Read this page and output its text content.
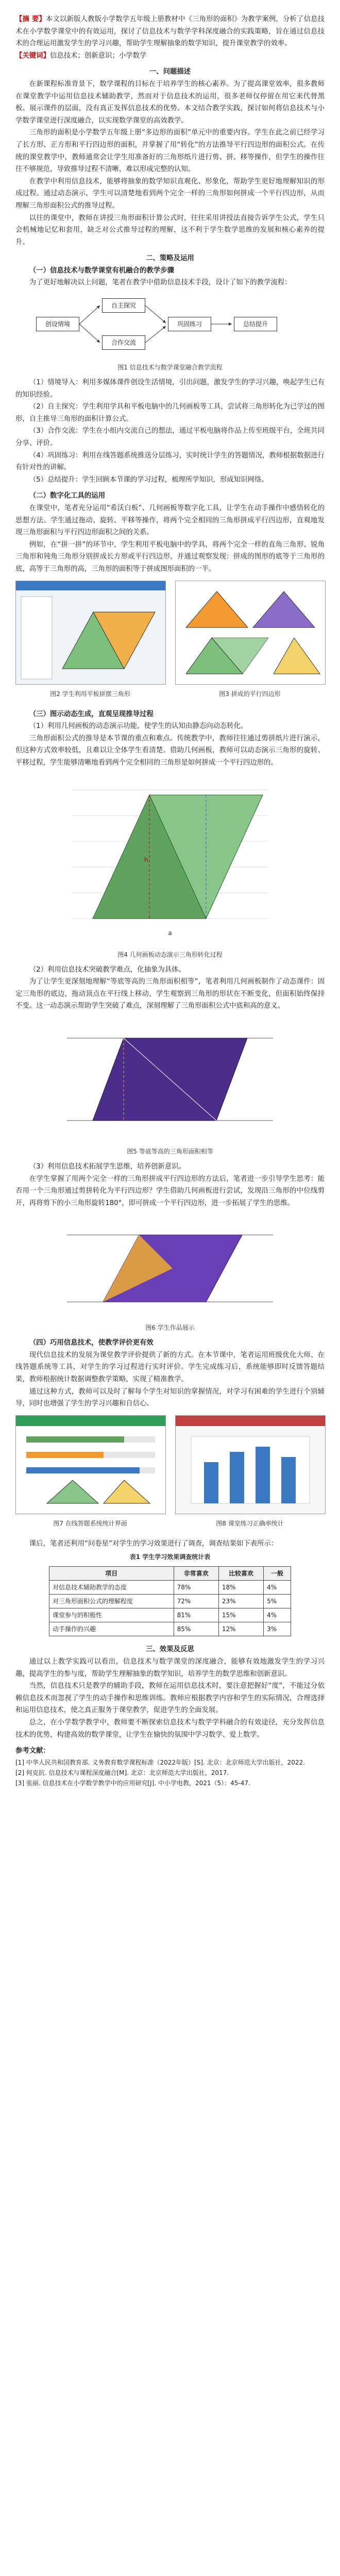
【摘 要】本文以新版人教版小学数学五年级上册教材中《三角形的面积》为教学案例，分析了信息技术在小学数学课堂中的有效运用，探讨了信息技术与数学学科深度融合的实践策略，旨在通过信息技术的合理运用激发学生的学习兴趣，帮助学生理解抽象的数学知识，提升课堂教学的效率。

【关键词】信息技术；创新意识；小学数学

一、问题描述

在新课程标准背景下，数学课程的目标在于培养学生的核心素养。为了提高课堂效率，很多教师在课堂教学中运用信息技术辅助教学，然而对于信息技术的运用，很多老师仅停留在用它来代替黑板、展示课件的层面，没有真正发挥信息技术的优势。本文结合教学实践，探讨如何将信息技术与小学数学课堂进行深度融合，以实现数学课堂的高效教学。

三角形的面积是小学数学五年级上册“多边形的面积”单元中的重要内容。学生在此之前已经学习了长方形、正方形和平行四边形的面积，并掌握了用“转化”的方法推导平行四边形的面积公式。在传统的课堂教学中，教师通常会让学生用准备好的三角形纸片进行剪、拼、移等操作，但学生的操作往往不够规范，导致推导过程不清晰，难以形成完整的认知。

在教学中利用信息技术，能够将抽象的数学知识直观化、形象化，帮助学生更好地理解知识的形成过程。通过动态演示，学生可以清楚地看到两个完全一样的三角形如何拼成一个平行四边形，从而理解三角形面积公式的推导过程。

以往的课堂中，教师在讲授三角形面积计算公式时，往往采用讲授法直接告诉学生公式，学生只会机械地记忆和套用，缺乏对公式推导过程的理解，这不利于学生数学思维的发展和核心素养的提升。

二、策略及运用

（一）信息技术与数学课堂有机融合的教学步骤

为了更好地解决以上问题，笔者在教学中借助信息技术手段，设计了如下的教学流程：

创设情境
自主探究
合作交流
巩固练习	总结提升

图1 信息技术与数学课堂融合教学流程

（1）情境导入：利用多媒体课件创设生活情境，引出问题，激发学生的学习兴趣，唤起学生已有的知识经验。

（2）自主探究：学生利用学具和平板电脑中的几何画板等工具，尝试将三角形转化为已学过的图形，自主推导三角形的面积计算公式。

（3）合作交流：学生在小组内交流自己的想法，通过平板电脑将作品上传至班级平台，全班共同分享、评价。

（4）巩固练习：利用在线答题系统推送分层练习，实时统计学生的答题情况，教师根据数据进行有针对性的讲解。

（5）总结提升：学生回顾本节课的学习过程，梳理所学知识，形成知识网络。

（二）数字化工具的运用

在课堂中，笔者充分运用“希沃白板”、几何画板等数字化工具，让学生在动手操作中感悟转化的思想方法。学生通过拖动、旋转、平移等操作，将两个完全相同的三角形拼成平行四边形，直观地发现三角形面积与平行四边形面积之间的关系。

例如，在“拼一拼”的环节中，学生利用平板电脑中的学具，将两个完全一样的直角三角形、锐角三角形和钝角三角形分别拼成长方形或平行四边形，并通过观察发现：拼成的图形的底等于三角形的底，高等于三角形的高，三角形的面积等于拼成图形面积的一半。

图2 学生利用平板拼摆三角形	图3 拼成的平行四边形

（三）图示动态生成，直观呈现推导过程

（1）利用几何画板的动态演示功能，使学生的认知由静态向动态转化。

三角形面积公式的推导是本节课的重点和难点。传统教学中，教师往往通过剪拼纸片进行演示，但这种方式效率较低，且难以让全体学生看清楚。借助几何画板，教师可以动态演示三角形的旋转、平移过程，学生能够清晰地看到两个完全相同的三角形是如何拼成一个平行四边形的。

a
h

图4 几何画板动态演示三角形转化过程

（2）利用信息技术突破教学难点，化抽象为具体。

为了让学生更深刻地理解“等底等高的三角形面积相等”，笔者利用几何画板制作了动态课件：固定三角形的底边，拖动顶点在平行线上移动，学生观察到三角形的形状在不断变化，但面积始终保持不变。这一动态演示帮助学生突破了难点，深刻理解了三角形面积公式中底和高的意义。

图5 等底等高的三角形面积相等

（3）利用信息技术拓展学生思维，培养创新意识。

在学生掌握了用两个完全一样的三角形拼成平行四边形的方法后，笔者进一步引导学生思考：能否用一个三角形通过剪拼转化为平行四边形？学生借助几何画板进行尝试，发现沿三角形的中位线剪开，再将剪下的小三角形旋转180°，即可拼成一个平行四边形，进一步拓展了学生的思维。

图6 学生作品展示

（四）巧用信息技术，使教学评价更有效

现代信息技术的发展为课堂教学评价提供了新的方式。在本节课中，笔者运用班级优化大师、在线答题系统等工具，对学生的学习过程进行实时评价。学生完成练习后，系统能够即时反馈答题结果，教师根据统计数据调整教学策略，实现了精准教学。

通过这种方式，教师可以及时了解每个学生对知识的掌握情况，对学习有困难的学生进行个别辅导，同时也增强了学生的学习兴趣和自信心。

图7 在线答题系统统计界面	图8 课堂练习正确率统计

课后，笔者还利用“问卷星”对学生的学习效果进行了调查，调查结果如下表所示：

表1 学生学习效果调查统计表

项目	非常喜欢	比较喜欢	一般
对信息技术辅助教学的态度	78%	18%	4%
对三角形面积公式的理解程度	72%	23%	5%
课堂参与的积极性	81%	15%	4%
动手操作的兴趣	85%	12%	3%

三、效果及反思

通过以上教学实践可以看出，信息技术与数学课堂的深度融合，能够有效地激发学生的学习兴趣，提高学生的参与度，帮助学生理解抽象的数学知识，培养学生的数学思维和创新意识。

当然，信息技术只是教学的辅助手段，教师在运用信息技术时，要注意把握好“度”，不能过分依赖信息技术而忽视了学生的动手操作和思维训练。教师应根据教学内容和学生的实际情况，合理选择和运用信息技术，使之真正服务于课堂教学，促进学生的全面发展。

总之，在小学数学教学中，教师要不断探索信息技术与数学学科融合的有效途径，充分发挥信息技术的优势，构建高效的数学课堂，让学生在愉快的氛围中学习数学、爱上数学。

参考文献：

[1] 中华人民共和国教育部. 义务教育数学课程标准（2022年版）[S]. 北京：北京师范大学出版社，2022.

[2] 何克抗. 信息技术与课程深度融合[M]. 北京：北京师范大学出版社，2017.

[3] 张丽. 信息技术在小学数学教学中的应用研究[J]. 中小学电教，2021（5）：45-47.
